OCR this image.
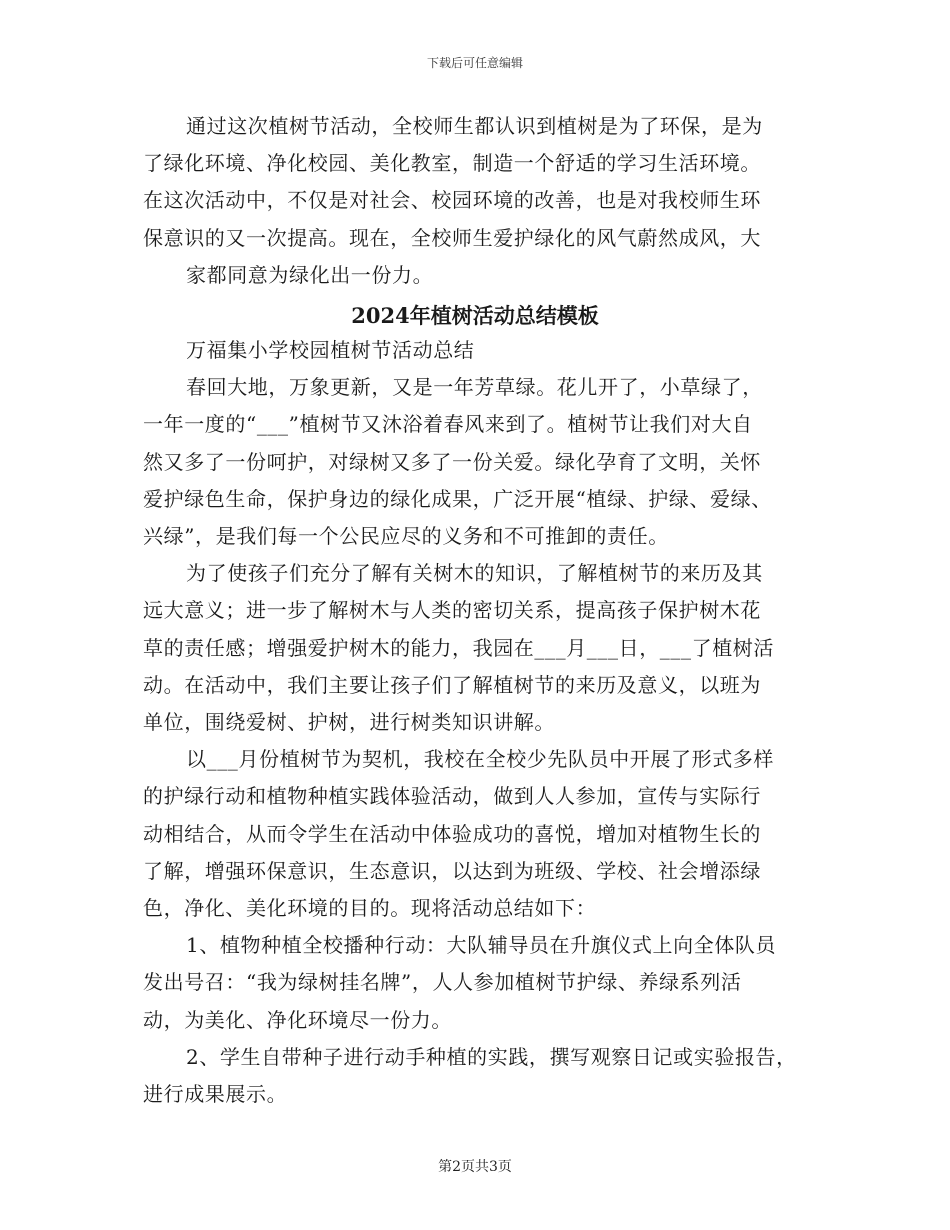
下载后可任意编辑
通过这次植树节活动，全校师生都认识到植树是为了环保，是为
了绿化环境、净化校园、美化教室，制造一个舒适的学习生活环境。
在这次活动中，不仅是对社会、校园环境的改善，也是对我校师生环
保意识的又一次提高。现在，全校师生爱护绿化的风气蔚然成风，大
家都同意为绿化出一份力。
2024年植树活动总结模板
万福集小学校园植树节活动总结
春回大地，万象更新，又是一年芳草绿。花儿开了，小草绿了，
一年一度的“___”植树节又沐浴着春风来到了。植树节让我们对大自
然又多了一份呵护，对绿树又多了一份关爱。绿化孕育了文明，关怀
爱护绿色生命，保护身边的绿化成果，广泛开展“植绿、护绿、爱绿、
兴绿”，是我们每一个公民应尽的义务和不可推卸的责任。
为了使孩子们充分了解有关树木的知识，了解植树节的来历及其
远大意义；进一步了解树木与人类的密切关系，提高孩子保护树木花
草的责任感；增强爱护树木的能力，我园在___月___日，___了植树活
动。在活动中，我们主要让孩子们了解植树节的来历及意义，以班为
单位，围绕爱树、护树，进行树类知识讲解。
以___月份植树节为契机，我校在全校少先队员中开展了形式多样
的护绿行动和植物种植实践体验活动，做到人人参加，宣传与实际行
动相结合，从而令学生在活动中体验成功的喜悦，增加对植物生长的
了解，增强环保意识，生态意识，以达到为班级、学校、社会增添绿
色，净化、美化环境的目的。现将活动总结如下：
1、植物种植全校播种行动：大队辅导员在升旗仪式上向全体队员
发出号召：“我为绿树挂名牌”，人人参加植树节护绿、养绿系列活
动，为美化、净化环境尽一份力。
2、学生自带种子进行动手种植的实践，撰写观察日记或实验报告，
进行成果展示。
第2页共3页
